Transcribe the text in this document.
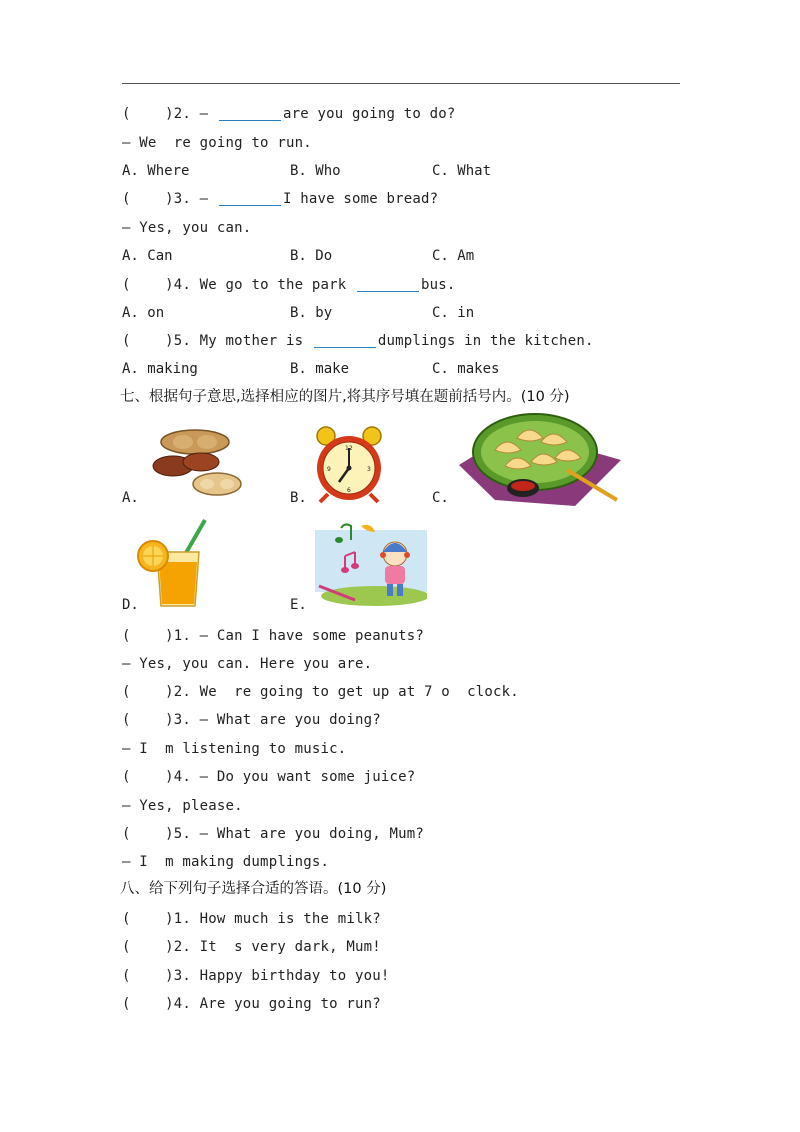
( )2. —	are you going to do?
— We  re going to run.
A. Where	B. Who	C. What
( )3. —	I have some bread?
— Yes, you can.
A. Can	B. Do	C. Am
( )4. We go to the park	bus.
A. on	B. by	C. in
( )5. My mother is	dumplings in the kitchen.
A. making	B. make	C. makes
七、根据句子意思,选择相应的图片,将其序号填在题前括号内。(10 分)
A.
12
3
6
9
B.	C.
D.	E.
(    )1. — Can I have some peanuts?
— Yes, you can. Here you are.
(    )2. We  re going to get up at 7 o  clock.
(    )3. — What are you doing?
— I  m listening to music.
(    )4. — Do you want some juice?
— Yes, please.
(    )5. — What are you doing, Mum?
— I  m making dumplings.
八、给下列句子选择合适的答语。(10 分)
(    )1. How much is the milk?
(    )2. It  s very dark, Mum!
(    )3. Happy birthday to you!
(    )4. Are you going to run?
